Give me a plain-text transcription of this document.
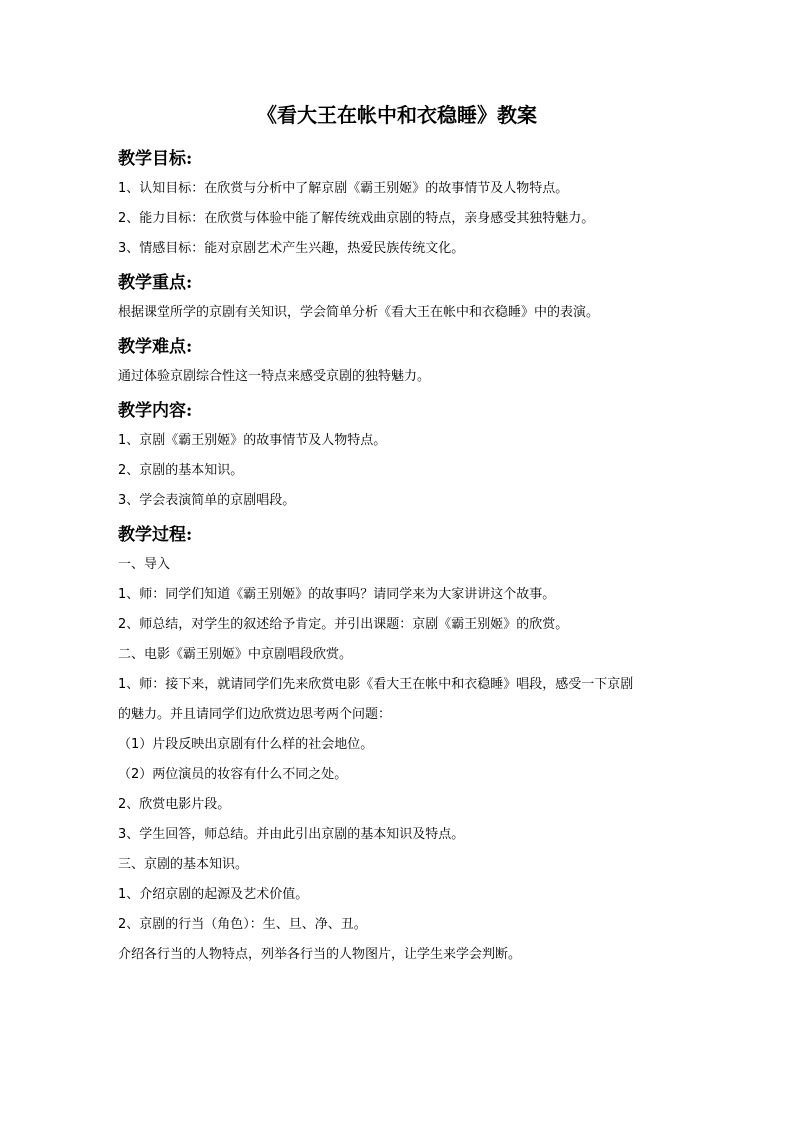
《看大王在帐中和衣稳睡》教案
教学目标:
1、认知目标：在欣赏与分析中了解京剧《霸王别姬》的故事情节及人物特点。
2、能力目标：在欣赏与体验中能了解传统戏曲京剧的特点，亲身感受其独特魅力。
3、情感目标：能对京剧艺术产生兴趣，热爱民族传统文化。
教学重点:
根据课堂所学的京剧有关知识，学会简单分析《看大王在帐中和衣稳睡》中的表演。
教学难点:
通过体验京剧综合性这一特点来感受京剧的独特魅力。
教学内容:
1、京剧《霸王别姬》的故事情节及人物特点。
2、京剧的基本知识。
3、学会表演简单的京剧唱段。
教学过程:
一、导入
1、师：同学们知道《霸王别姬》的故事吗？请同学来为大家讲讲这个故事。
2、师总结，对学生的叙述给予肯定。并引出课题：京剧《霸王别姬》的欣赏。
二、电影《霸王别姬》中京剧唱段欣赏。
1、师：接下来，就请同学们先来欣赏电影《看大王在帐中和衣稳睡》唱段，感受一下京剧
的魅力。并且请同学们边欣赏边思考两个问题：
（1）片段反映出京剧有什么样的社会地位。
（2）两位演员的妆容有什么不同之处。
2、欣赏电影片段。
3、学生回答，师总结。并由此引出京剧的基本知识及特点。
三、京剧的基本知识。
1、介绍京剧的起源及艺术价值。
2、京剧的行当（角色）：生、旦、净、丑。
介绍各行当的人物特点，列举各行当的人物图片，让学生来学会判断。
